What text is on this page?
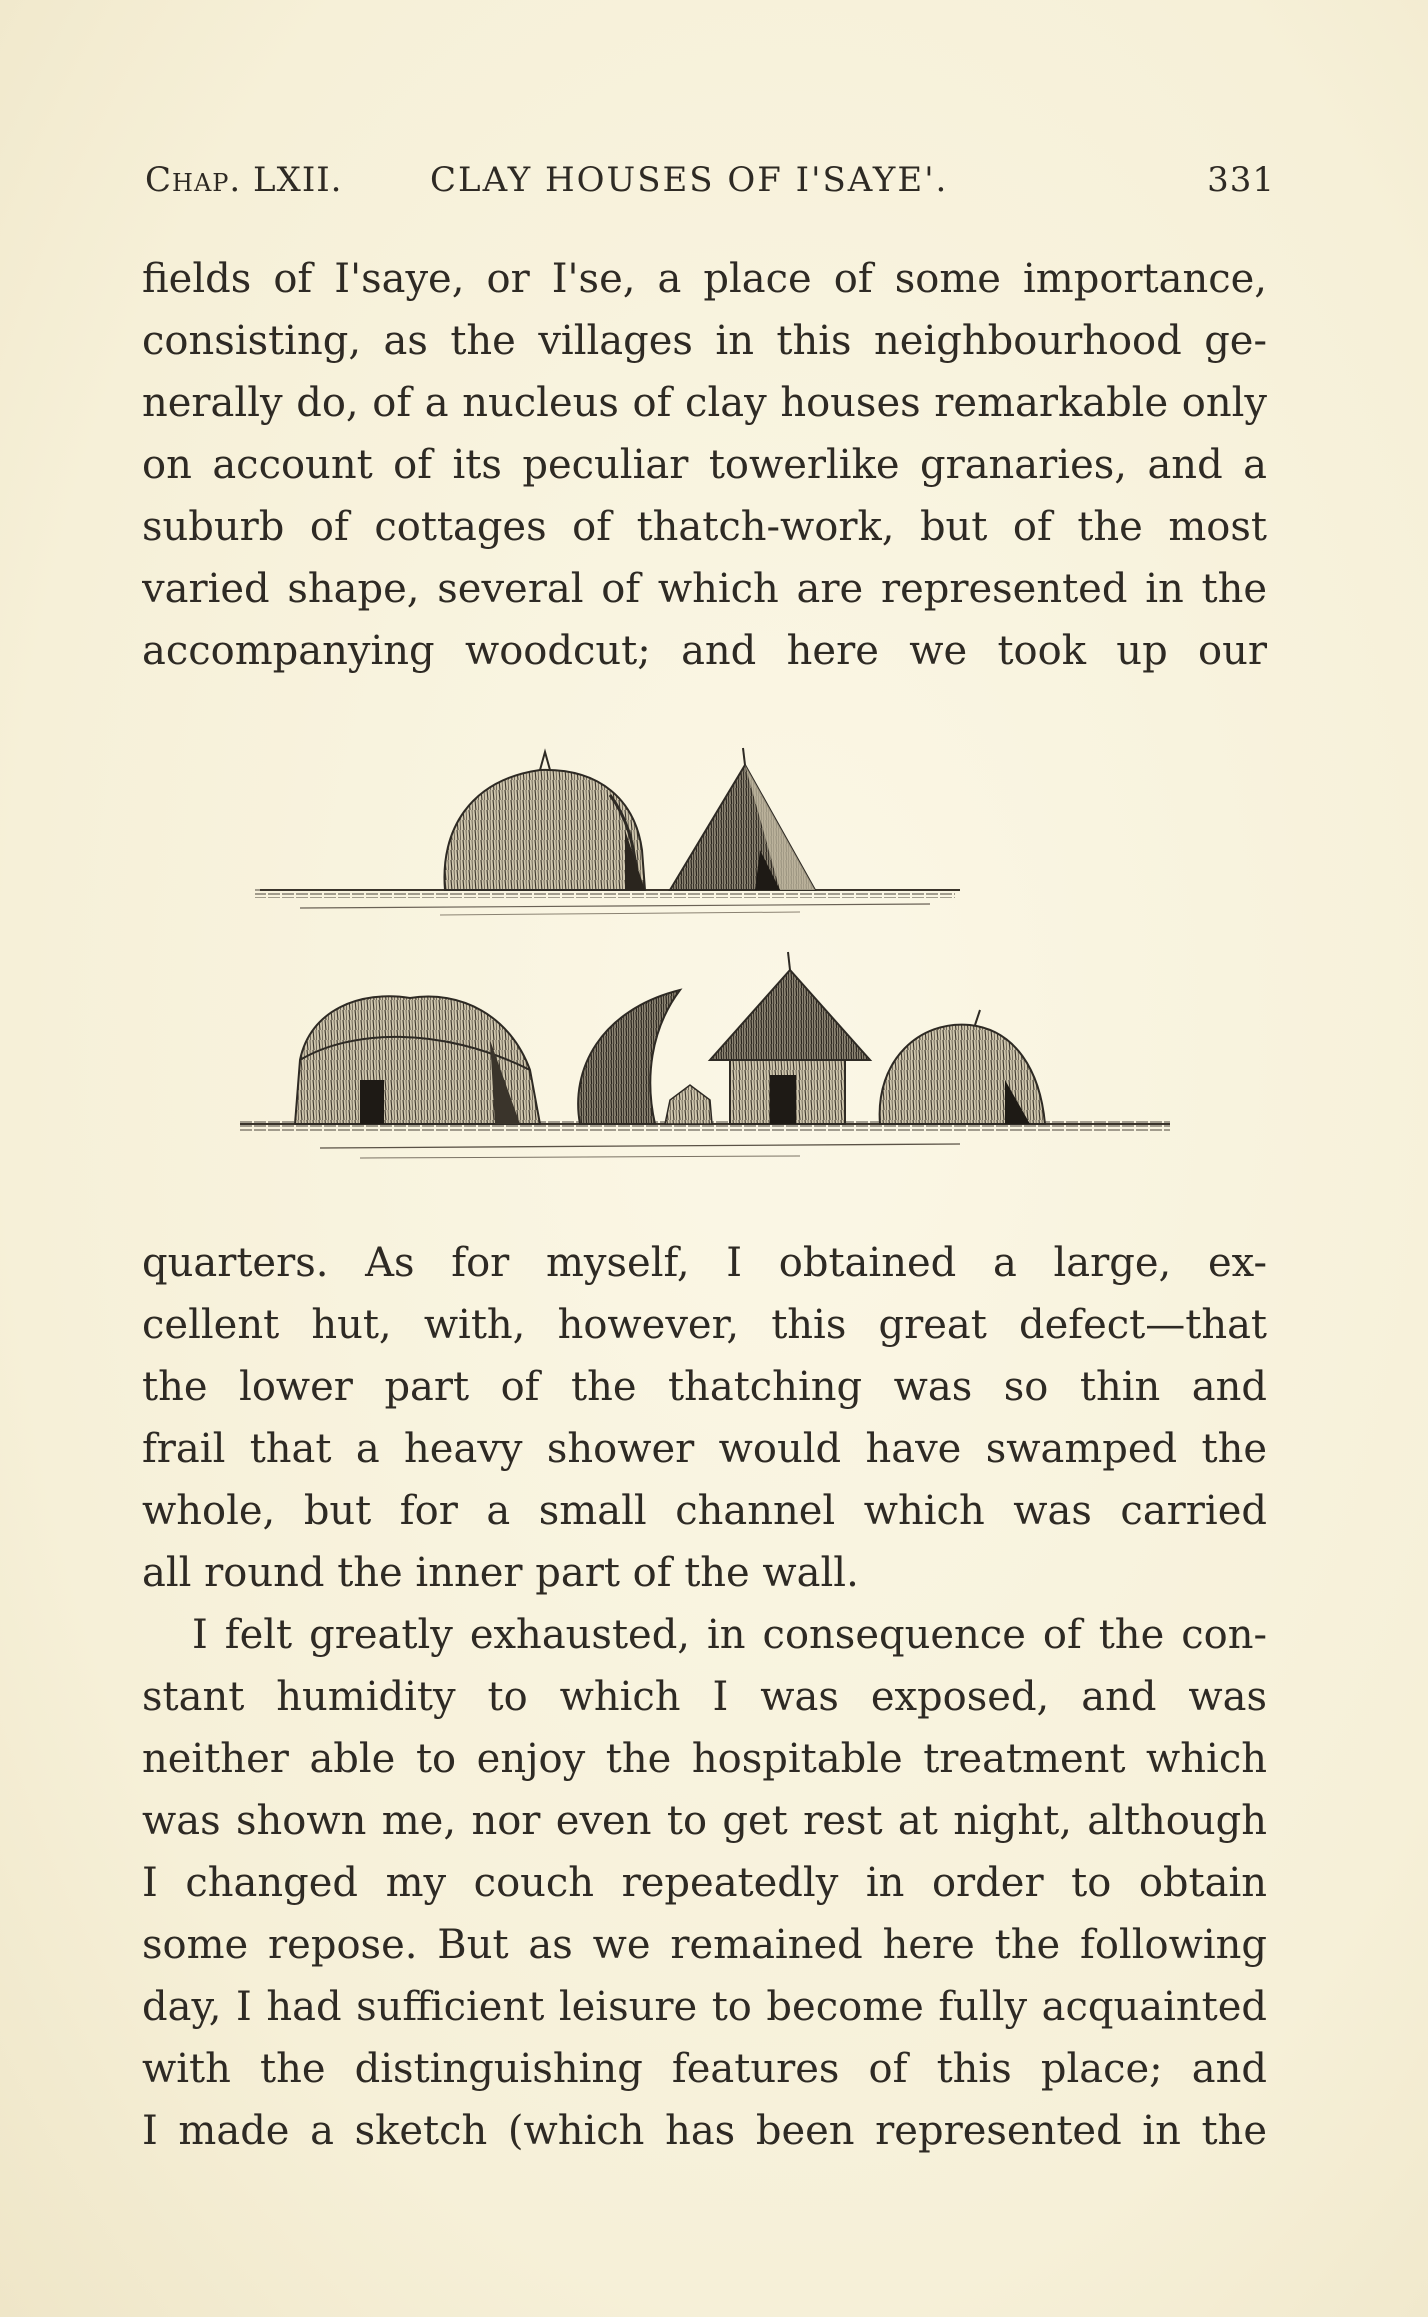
Chap. LXII.	CLAY HOUSES OF I'SAYE'.	331
fields of I'saye, or I'se, a place of some importance,
consisting, as the villages in this neighbourhood ge-
nerally do, of a nucleus of clay houses remarkable only
on account of its peculiar towerlike granaries, and a
suburb of cottages of thatch-work, but of the most
varied shape, several of which are represented in the
accompanying woodcut; and here we took up our
quarters. As for myself, I obtained a large, ex-
cellent hut, with, however, this great defect—that
the lower part of the thatching was so thin and
frail that a heavy shower would have swamped the
whole, but for a small channel which was carried
all round the inner part of the wall.
I felt greatly exhausted, in consequence of the con-
stant humidity to which I was exposed, and was
neither able to enjoy the hospitable treatment which
was shown me, nor even to get rest at night, although
I changed my couch repeatedly in order to obtain
some repose. But as we remained here the following
day, I had sufficient leisure to become fully acquainted
with the distinguishing features of this place; and
I made a sketch (which has been represented in the
